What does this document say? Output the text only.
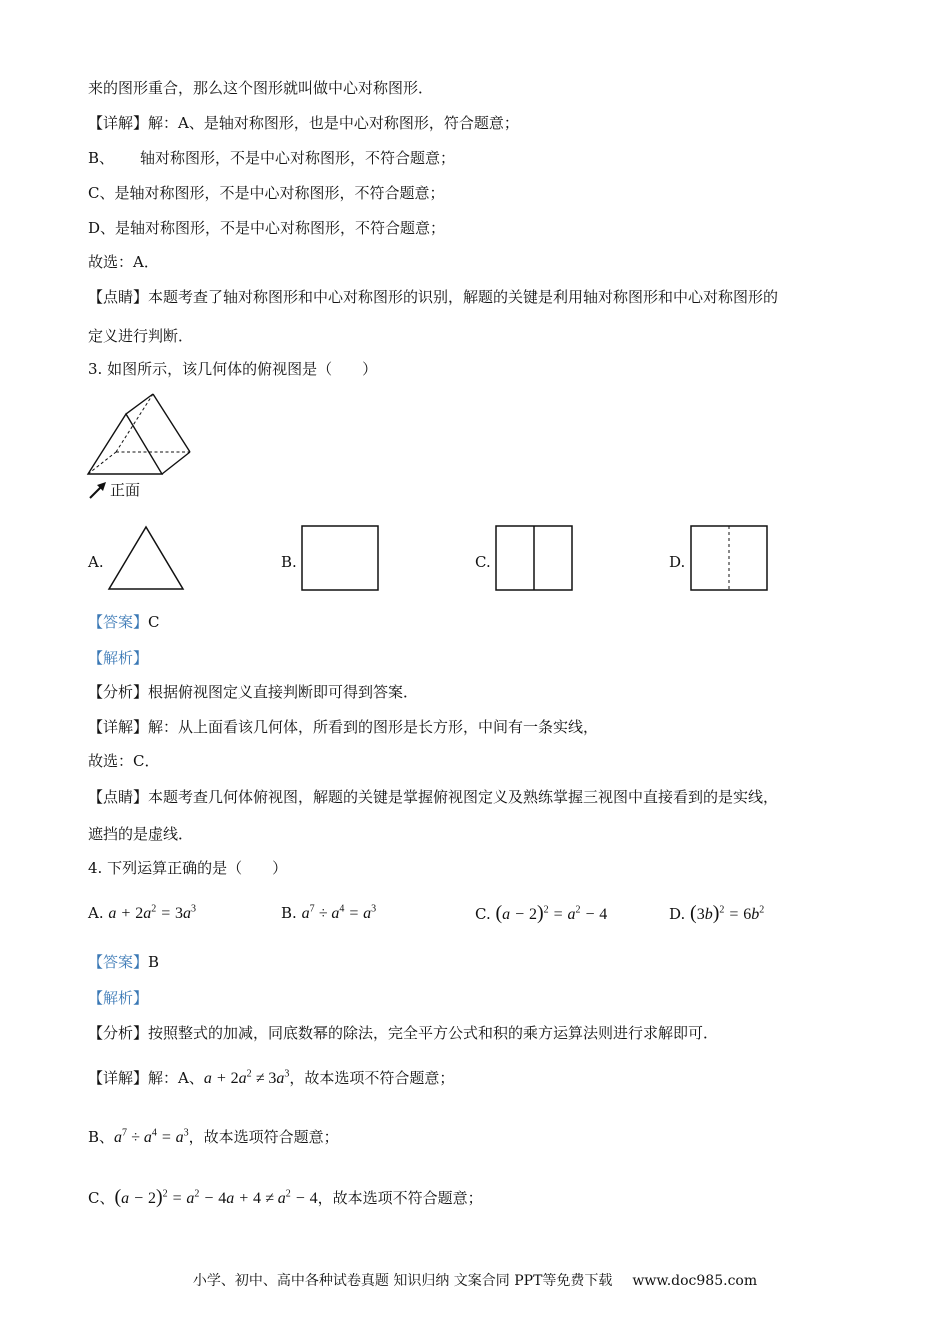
来的图形重合，那么这个图形就叫做中心对称图形．
【详解】解：A、是轴对称图形，也是中心对称图形，符合题意；
B、 轴对称图形，不是中心对称图形，不符合题意；
C、是轴对称图形，不是中心对称图形，不符合题意；
D、是轴对称图形，不是中心对称图形，不符合题意；
故选：A．
【点睛】本题考查了轴对称图形和中心对称图形的识别，解题的关键是利用轴对称图形和中心对称图形的
定义进行判断．
3. 如图所示，该几何体的俯视图是（　　）
正面
A.	B.	C.	D.
【答案】C
【解析】
【分析】根据俯视图定义直接判断即可得到答案．
【详解】解：从上面看该几何体，所看到的图形是长方形，中间有一条实线，
故选：C．
【点睛】本题考查几何体俯视图，解题的关键是掌握俯视图定义及熟练掌握三视图中直接看到的是实线，
遮挡的是虚线．
4. 下列运算正确的是（　　）
A. $a + 2a^2 = 3a^3$	B. $a^7 \div a^4 = a^3$	C. $(a - 2)^2 = a^2 - 4$	D. $(3b)^2 = 6b^2$
【答案】B
【解析】
【分析】按照整式的加减，同底数幂的除法，完全平方公式和积的乘方运算法则进行求解即可．
【详解】解：A、$a + 2a^2 \ne 3a^3$，故本选项不符合题意；
B、$a^7 \div a^4 = a^3$，故本选项符合题意；
C、$(a - 2)^2 = a^2 - 4a + 4 \ne a^2 - 4$，故本选项不符合题意；
小学、初中、高中各种试卷真题 知识归纳 文案合同 PPT等免费下载 www.doc985.com
